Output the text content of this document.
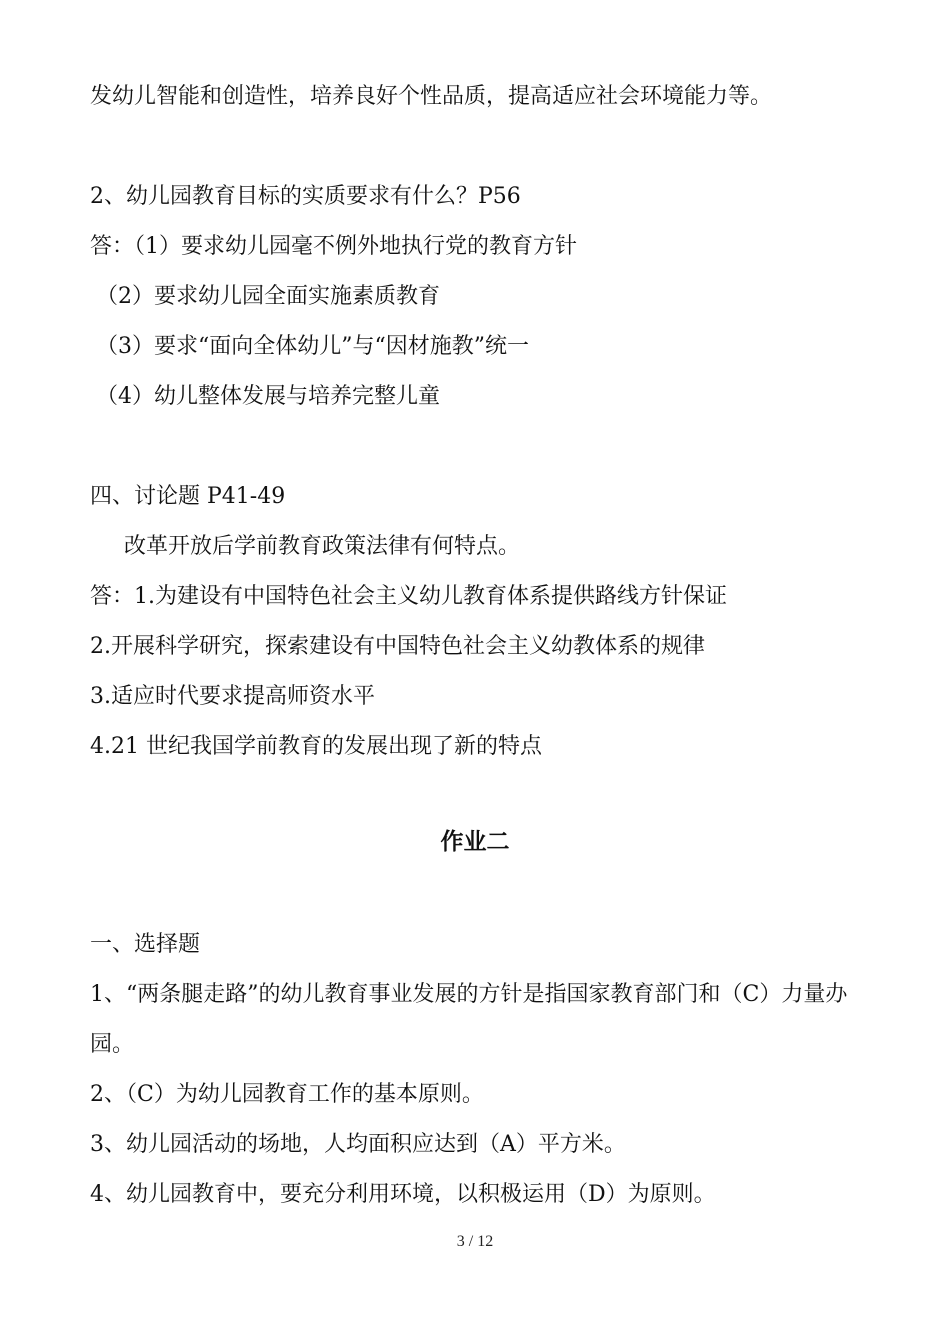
发幼儿智能和创造性，培养良好个性品质，提高适应社会环境能力等。
2、幼儿园教育目标的实质要求有什么？P56
答：（1）要求幼儿园毫不例外地执行党的教育方针
（2）要求幼儿园全面实施素质教育
（3）要求“面向全体幼儿”与“因材施教”统一
（4）幼儿整体发展与培养完整儿童
四、讨论题 P41-49
改革开放后学前教育政策法律有何特点。
答：1.为建设有中国特色社会主义幼儿教育体系提供路线方针保证
2.开展科学研究，探索建设有中国特色社会主义幼教体系的规律
3.适应时代要求提高师资水平
4.21 世纪我国学前教育的发展出现了新的特点
作业二
一、选择题
1、“两条腿走路”的幼儿教育事业发展的方针是指国家教育部门和（C）力量办
园。
2、（C）为幼儿园教育工作的基本原则。
3、幼儿园活动的场地，人均面积应达到（A）平方米。
4、幼儿园教育中，要充分利用环境，以积极运用（D）为原则。
3 / 12
